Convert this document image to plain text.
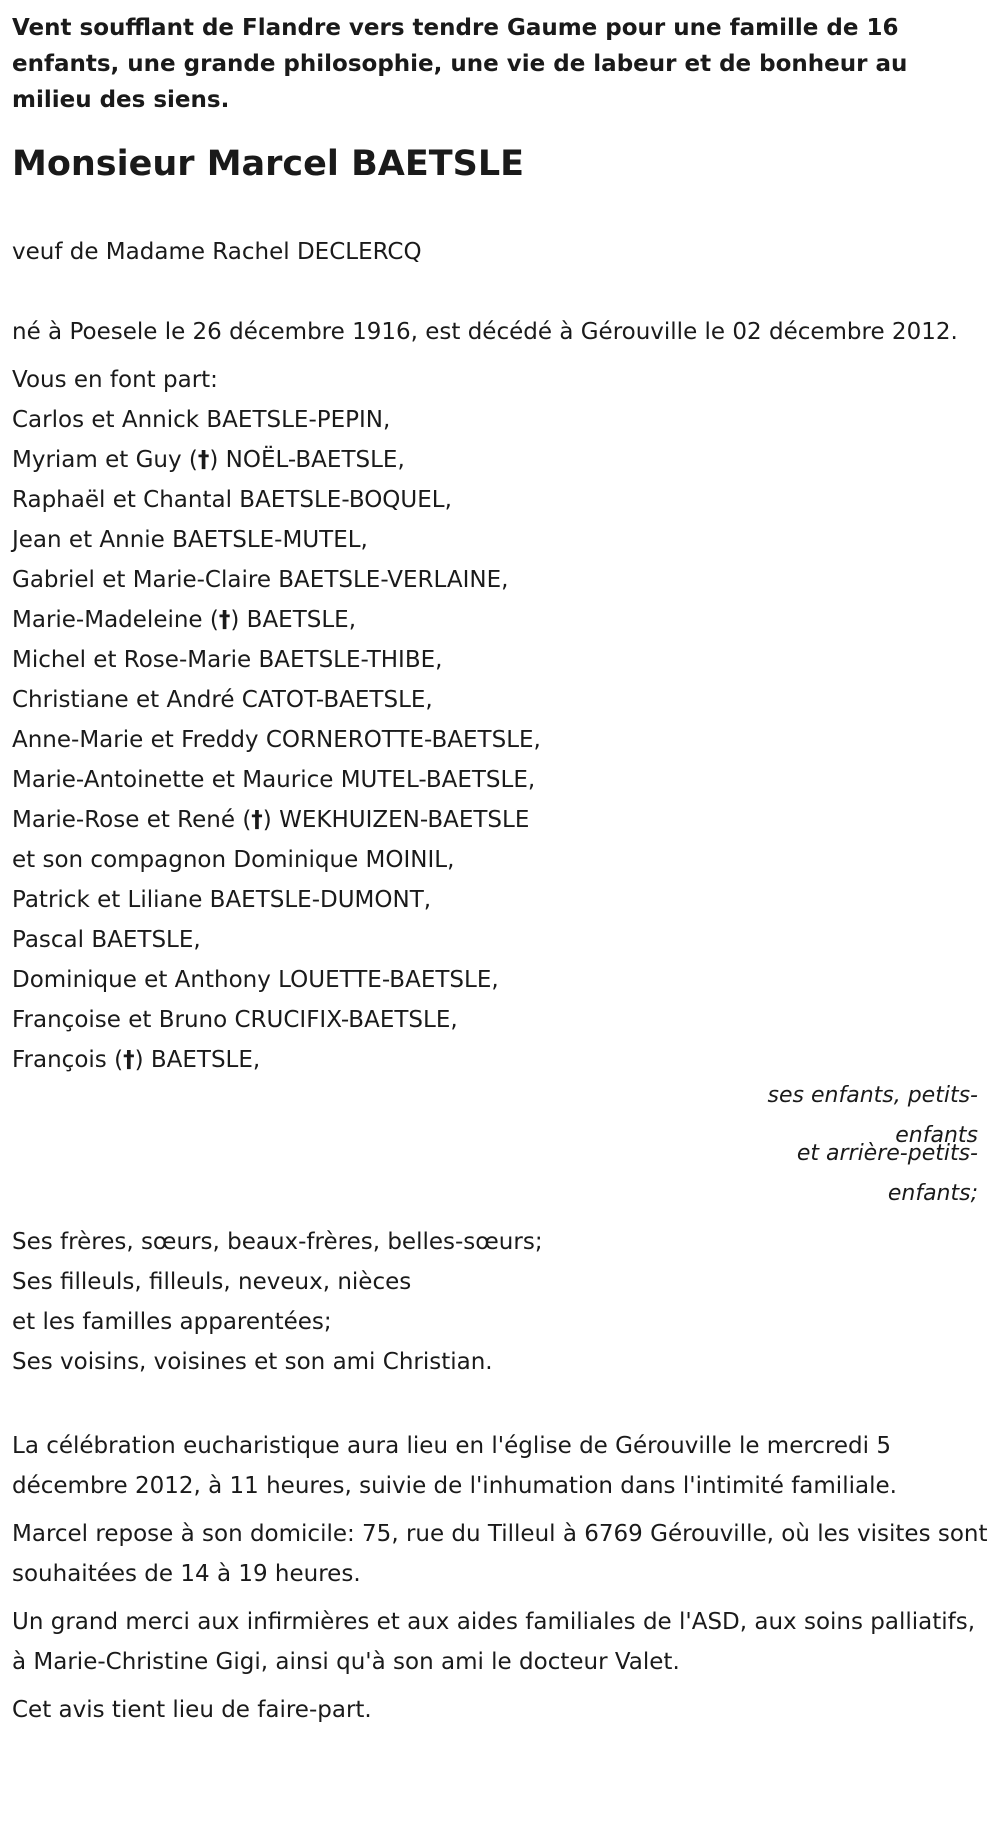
Vent soufflant de Flandre vers tendre Gaume pour une famille de 16 enfants, une grande philosophie, une vie de labeur et de bonheur au milieu des siens.

Monsieur Marcel BAETSLE
veuf de Madame Rachel DECLERCQ
né à Poesele le 26 décembre 1916, est décédé à Gérouville le 02 décembre 2012.
Vous en font part:
Carlos et Annick BAETSLE-PEPIN,
Myriam et Guy (†) NOËL-BAETSLE,
Raphaël et Chantal BAETSLE-BOQUEL,
Jean et Annie BAETSLE-MUTEL,
Gabriel et Marie-Claire BAETSLE-VERLAINE,
Marie-Madeleine (†) BAETSLE,
Michel et Rose-Marie BAETSLE-THIBE,
Christiane et André CATOT-BAETSLE,
Anne-Marie et Freddy CORNEROTTE-BAETSLE,
Marie-Antoinette et Maurice MUTEL-BAETSLE,
Marie-Rose et René (†) WEKHUIZEN-BAETSLE
et son compagnon Dominique MOINIL,
Patrick et Liliane BAETSLE-DUMONT,
Pascal BAETSLE,
Dominique et Anthony LOUETTE-BAETSLE,
Françoise et Bruno CRUCIFIX-BAETSLE,
François (†) BAETSLE,
ses enfants, petits-enfants
et arrière-petits-enfants;
Ses frères, sœurs, beaux-frères, belles-sœurs;
Ses filleuls, filleuls, neveux, nièces
et les familles apparentées;
Ses voisins, voisines et son ami Christian.
La célébration eucharistique aura lieu en l'église de Gérouville le mercredi 5 décembre 2012, à 11 heures, suivie de l'inhumation dans l'intimité familiale.
Marcel repose à son domicile: 75, rue du Tilleul à 6769 Gérouville, où les visites sont souhaitées de 14 à 19 heures.
Un grand merci aux infirmières et aux aides familiales de l'ASD, aux soins palliatifs, à Marie-Christine Gigi, ainsi qu'à son ami le docteur Valet.
Cet avis tient lieu de faire-part.
